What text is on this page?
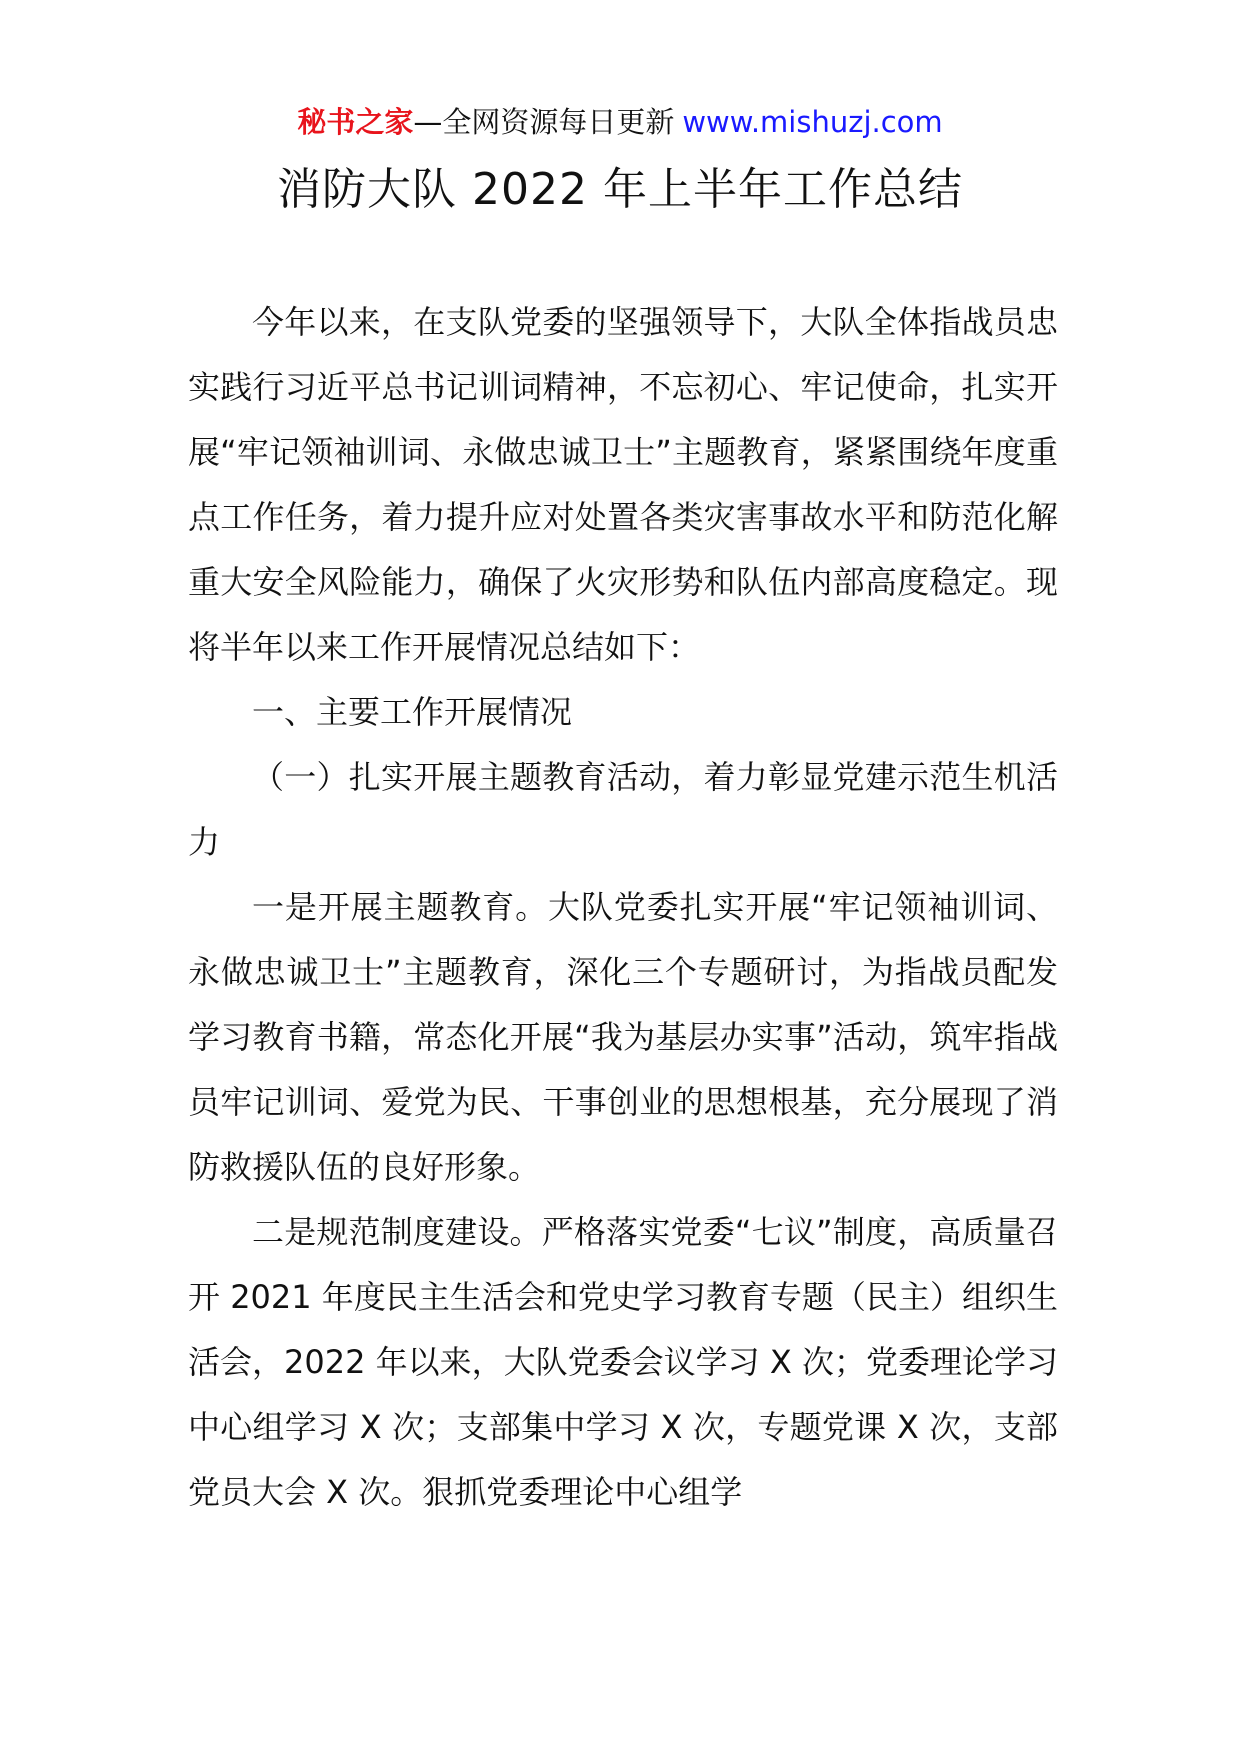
秘书之家—全网资源每日更新 www.mishuzj.com
消防大队 2022 年上半年工作总结

今年以来，在支队党委的坚强领导下，大队全体指战员忠实践行习近平总书记训词精神，不忘初心、牢记使命，扎实开展“牢记领袖训词、永做忠诚卫士”主题教育，紧紧围绕年度重点工作任务，着力提升应对处置各类灾害事故水平和防范化解重大安全风险能力，确保了火灾形势和队伍内部高度稳定。现将半年以来工作开展情况总结如下：

一、主要工作开展情况

（一）扎实开展主题教育活动，着力彰显党建示范生机活力

一是开展主题教育。大队党委扎实开展“牢记领袖训词、永做忠诚卫士”主题教育，深化三个专题研讨，为指战员配发学习教育书籍，常态化开展“我为基层办实事”活动，筑牢指战员牢记训词、爱党为民、干事创业的思想根基，充分展现了消防救援队伍的良好形象。

二是规范制度建设。严格落实党委“七议”制度，高质量召开 2021 年度民主生活会和党史学习教育专题（民主）组织生活会，2022 年以来，大队党委会议学习 X 次；党委理论学习中心组学习 X 次；支部集中学习 X 次，专题党课 X 次，支部党员大会 X 次。狠抓党委理论中心组学
